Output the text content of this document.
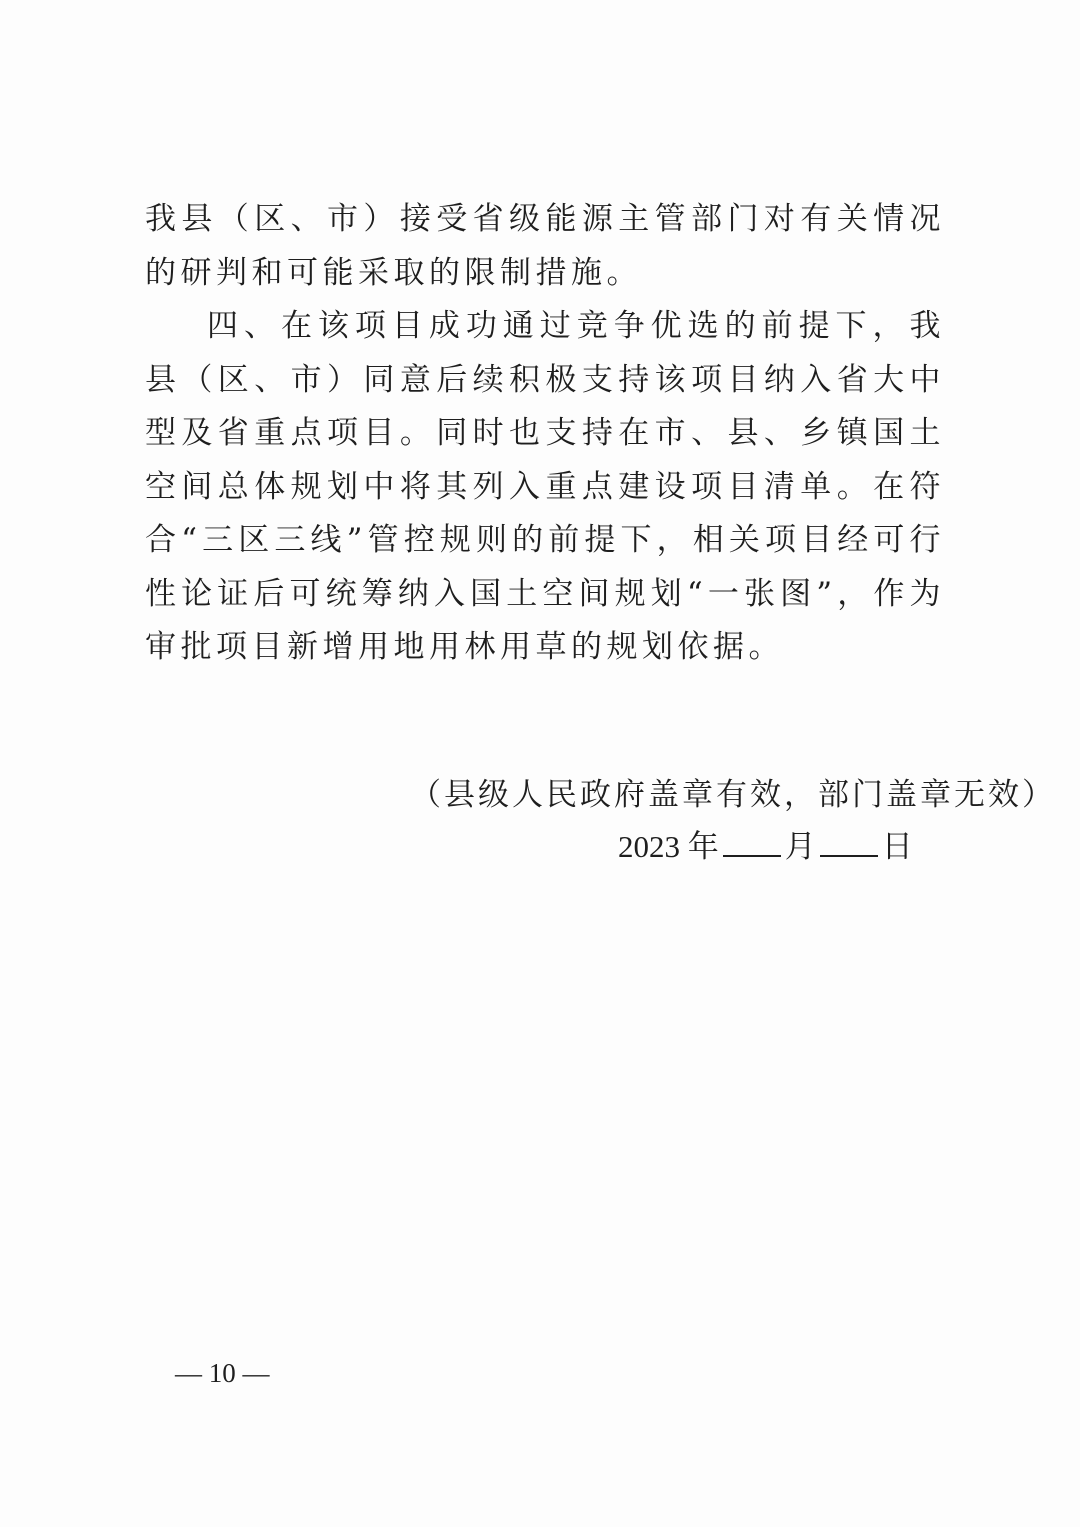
我县（区、市）接受省级能源主管部门对有关情况的研判和可能采取的限制措施。

四、在该项目成功通过竞争优选的前提下，我县（区、市）同意后续积极支持该项目纳入省大中型及省重点项目。同时也支持在市、县、乡镇国土空间总体规划中将其列入重点建设项目清单。在符合“三区三线”管控规则的前提下，相关项目经可行性论证后可统筹纳入国土空间规划“一张图”，作为审批项目新增用地用林用草的规划依据。

（县级人民政府盖章有效，部门盖章无效）
2023 年 月 日
— 10 —
